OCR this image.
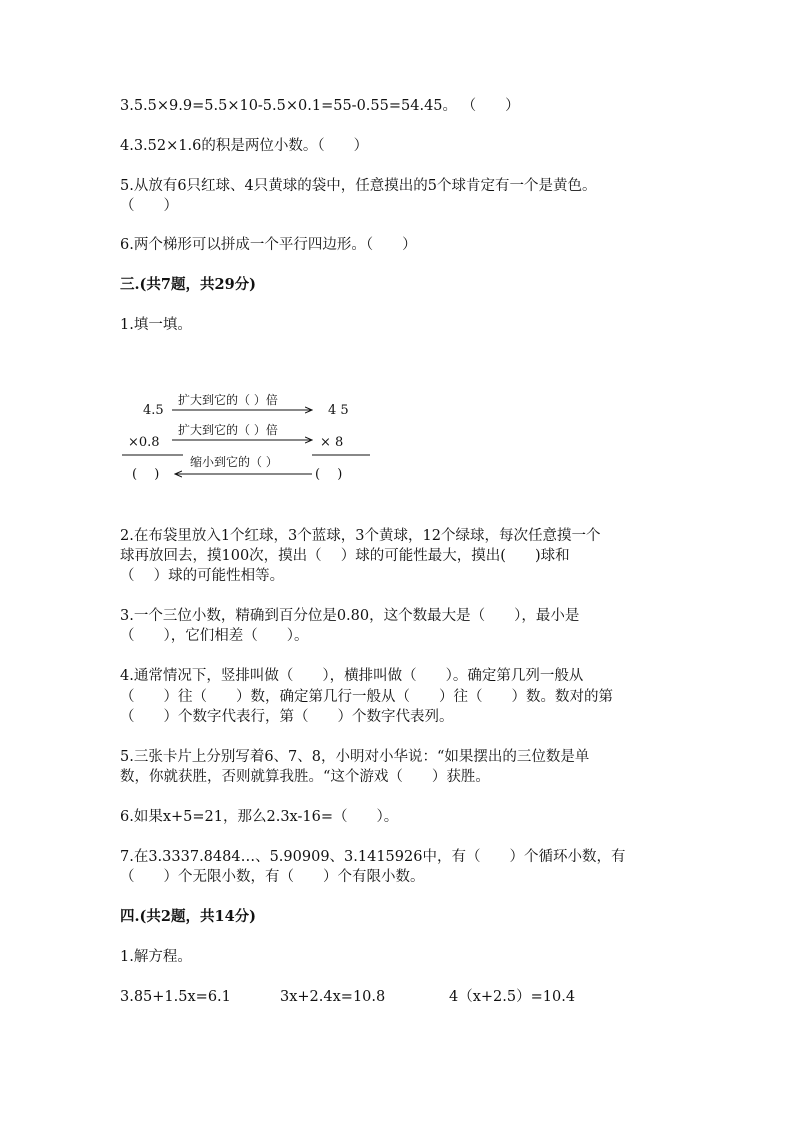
3.5.5×9.9=5.5×10-5.5×0.1=55-0.55=54.45。 （　　）
4.3.52×1.6的积是两位小数。（　　）
5.从放有6只红球、4只黄球的袋中，任意摸出的5个球肯定有一个是黄色。
（　　）
6.两个梯形可以拼成一个平行四边形。（　　）
三.(共7题，共29分)
1.填一填。
4.5
扩大到它的（ ）倍
4 5
×0.8
扩大到它的（ ）倍
× 8
(　 )
缩小到它的（ ）
(　 )
2.在布袋里放入1个红球，3个蓝球，3个黄球，12个绿球，每次任意摸一个
球再放回去，摸100次，摸出（　 ）球的可能性最大，摸出(　　)球和
（　 ）球的可能性相等。
3.一个三位小数，精确到百分位是0.80，这个数最大是（　　），最小是
（　　），它们相差（　　）。
4.通常情况下，竖排叫做（　　），横排叫做（　　）。确定第几列一般从
（　　）往（　　）数，确定第几行一般从（　　）往（　　）数。数对的第
（　　）个数字代表行，第（　　）个数字代表列。
5.三张卡片上分别写着6、7、8，小明对小华说：“如果摆出的三位数是单
数，你就获胜，否则就算我胜。“这个游戏（　　）获胜。
6.如果x+5=21，那么2.3x-16=（　　）。
7.在3.3337.8484…、5.90909、3.1415926中，有（　　）个循环小数，有
（　　）个无限小数，有（　　）个有限小数。
四.(共2题，共14分)
1.解方程。
3.85+1.5x=6.1	3x+2.4x=10.8	4（x+2.5）=10.4
